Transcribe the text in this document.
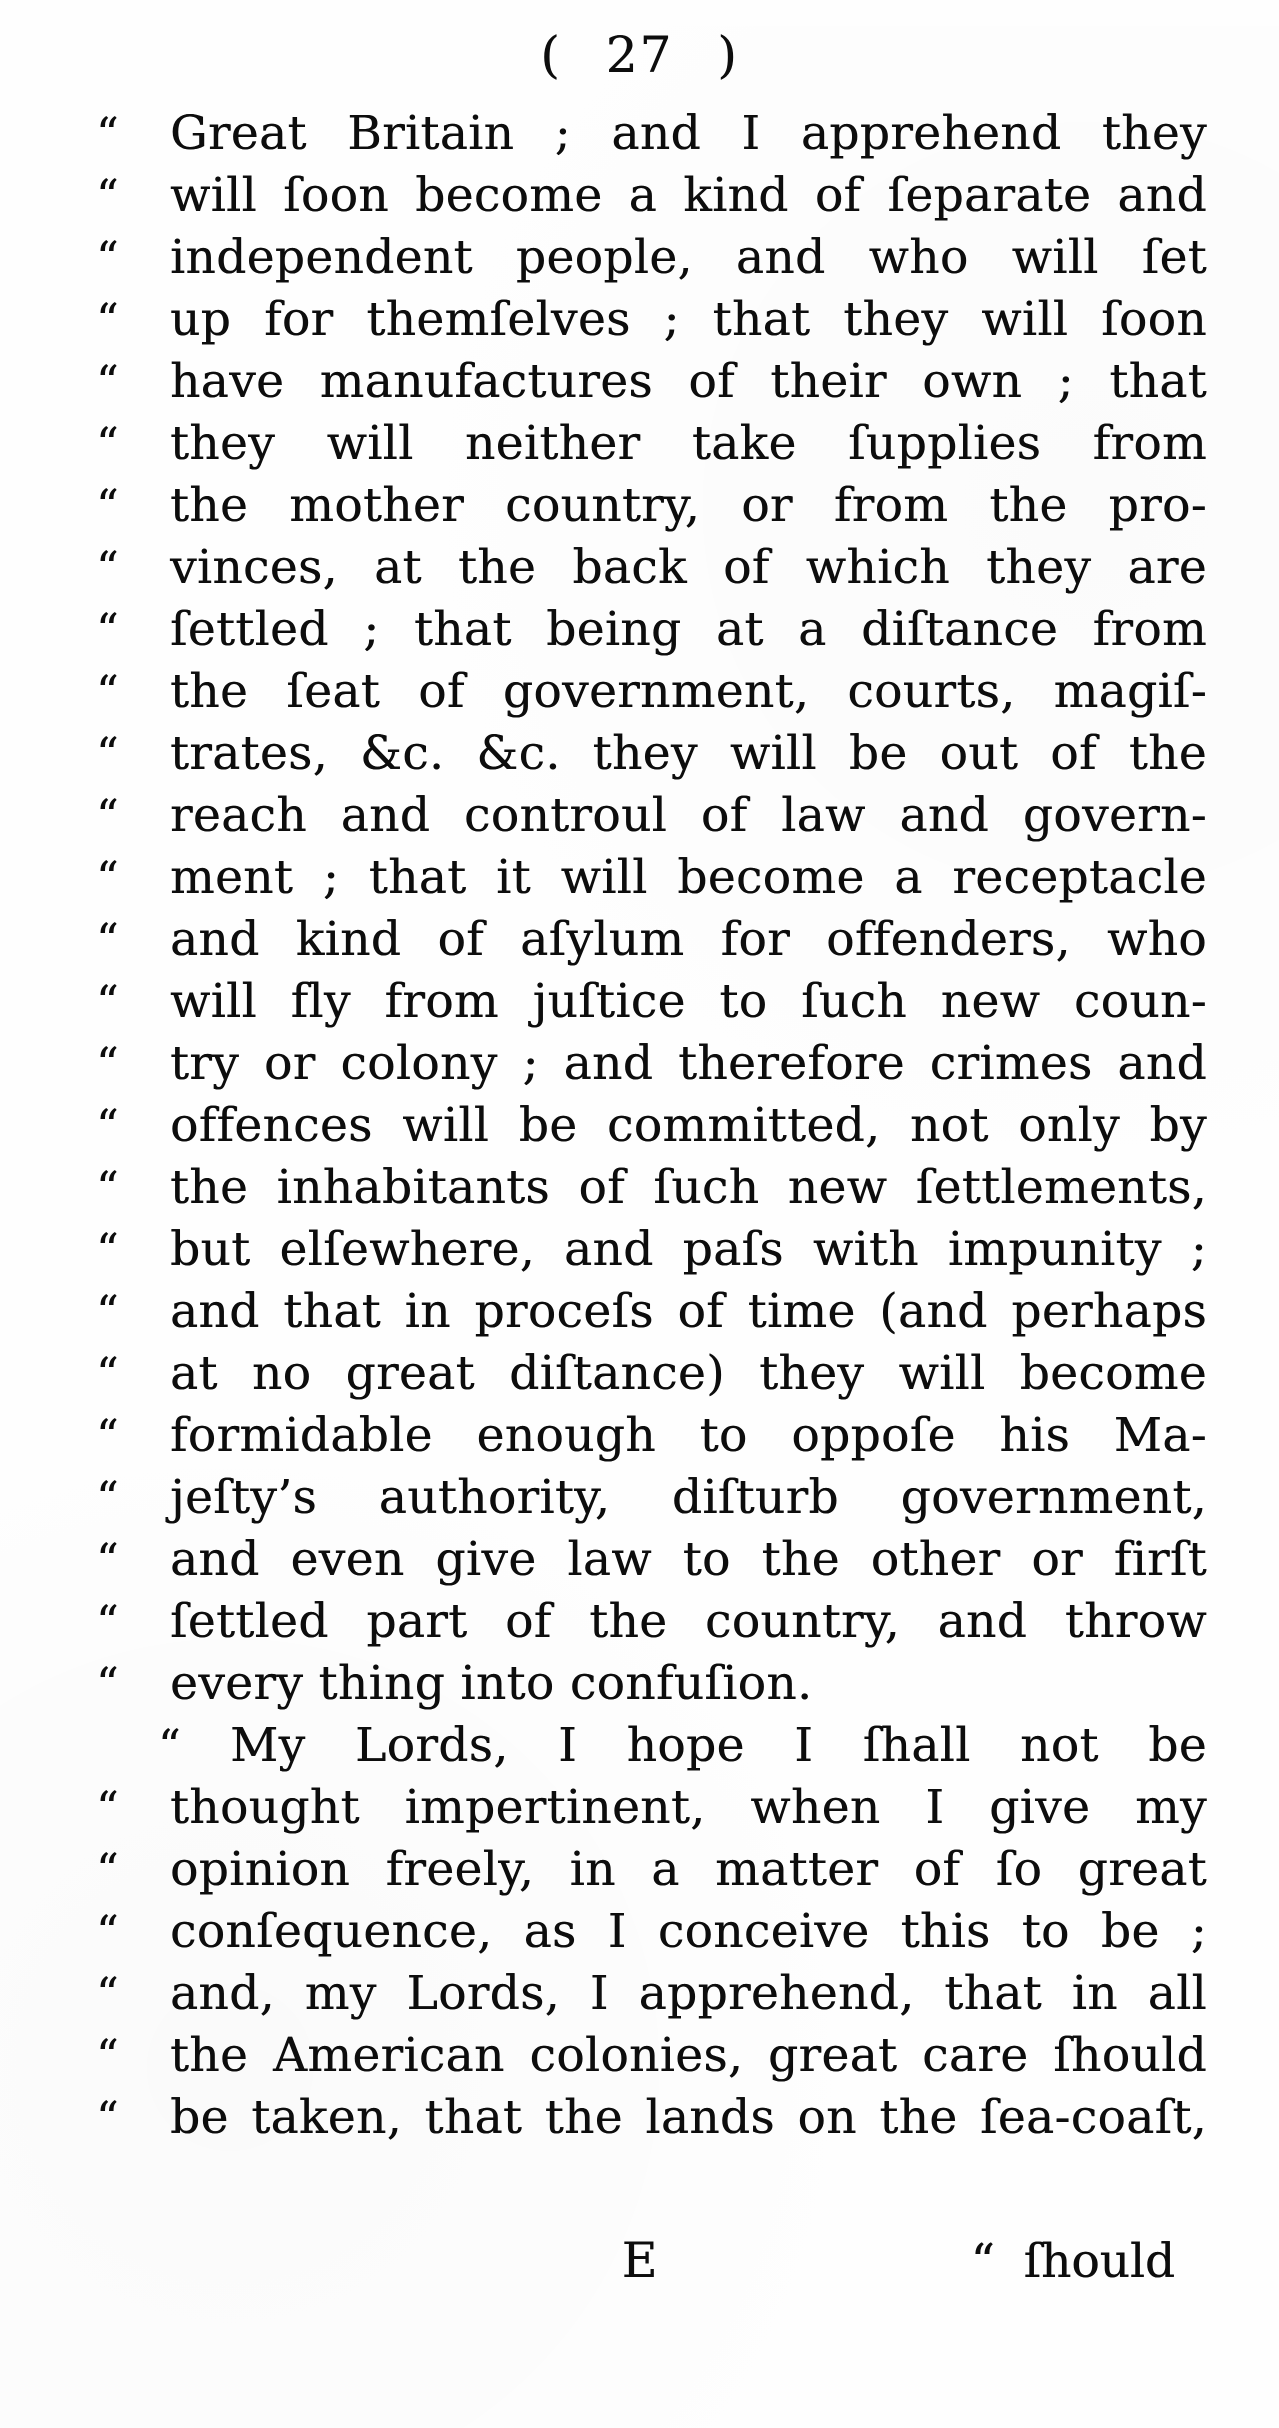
( 27 )
“	Great Britain ; and I apprehend they
“	will ſoon become a kind of ſeparate and
“	independent people, and who will ſet
“	up for themſelves ; that they will ſoon
“	have manufactures of their own ; that
“	they will neither take ſupplies from
“	the mother country, or from the pro-
“	vinces, at the back of which they are
“	ſettled ; that being at a diſtance from
“	the ſeat of government, courts, magiſ-
“	trates, &c. &c. they will be out of the
“	reach and controul of law and govern-
“	ment ; that it will become a receptacle
“	and kind of aſylum for offenders, who
“	will fly from juſtice to ſuch new coun-
“	try or colony ; and therefore crimes and
“	offences will be committed, not only by
“	the inhabitants of ſuch new ſettlements,
“	but elſewhere, and paſs with impunity ;
“	and that in proceſs of time (and perhaps
“	at no great diſtance) they will become
“	formidable enough to oppoſe his Ma-
“	jeſty’s authority, diſturb government,
“	and even give law to the other or firſt
“	ſettled part of the country, and throw
“	every thing into confuſion.
“	My Lords, I hope I ſhall not be
“	thought impertinent, when I give my
“	opinion freely, in a matter of ſo great
“	conſequence, as I conceive this to be ;
“	and, my Lords, I apprehend, that in all
“	the American colonies, great care ſhould
“	be taken, that the lands on the ſea-coaſt,
E	“ ſhould
